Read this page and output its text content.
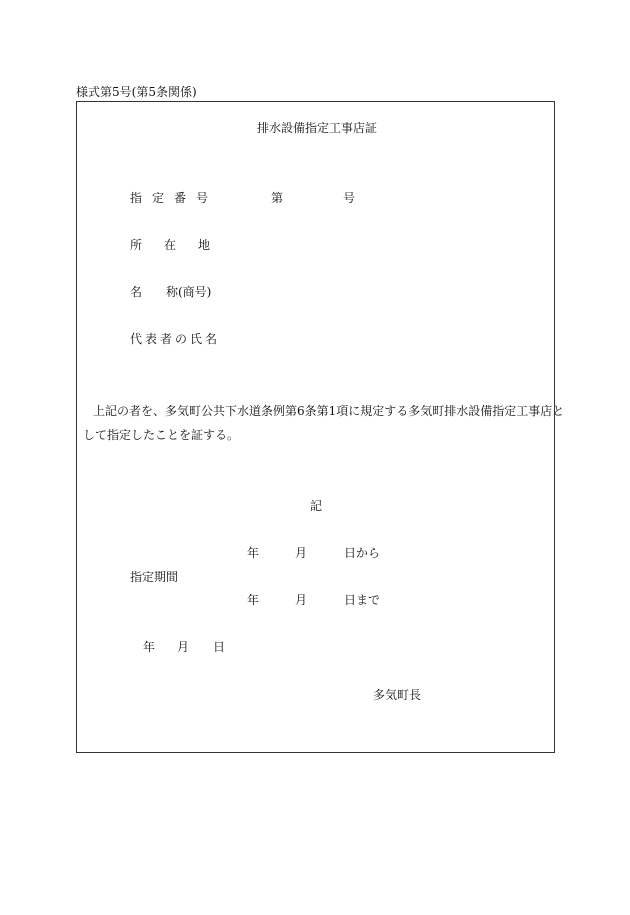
様式第5号(第5条関係)
排水設備指定工事店証
指定番号	第	号
所在地
名 称(商号)
代表者の氏名
上記の者を、多気町公共下水道条例第6条第1項に規定する多気町排水設備指定工事店と
して指定したことを証する。
記
年	月	日から
指定期間
年	月	日まで
年 月 日
多気町長
